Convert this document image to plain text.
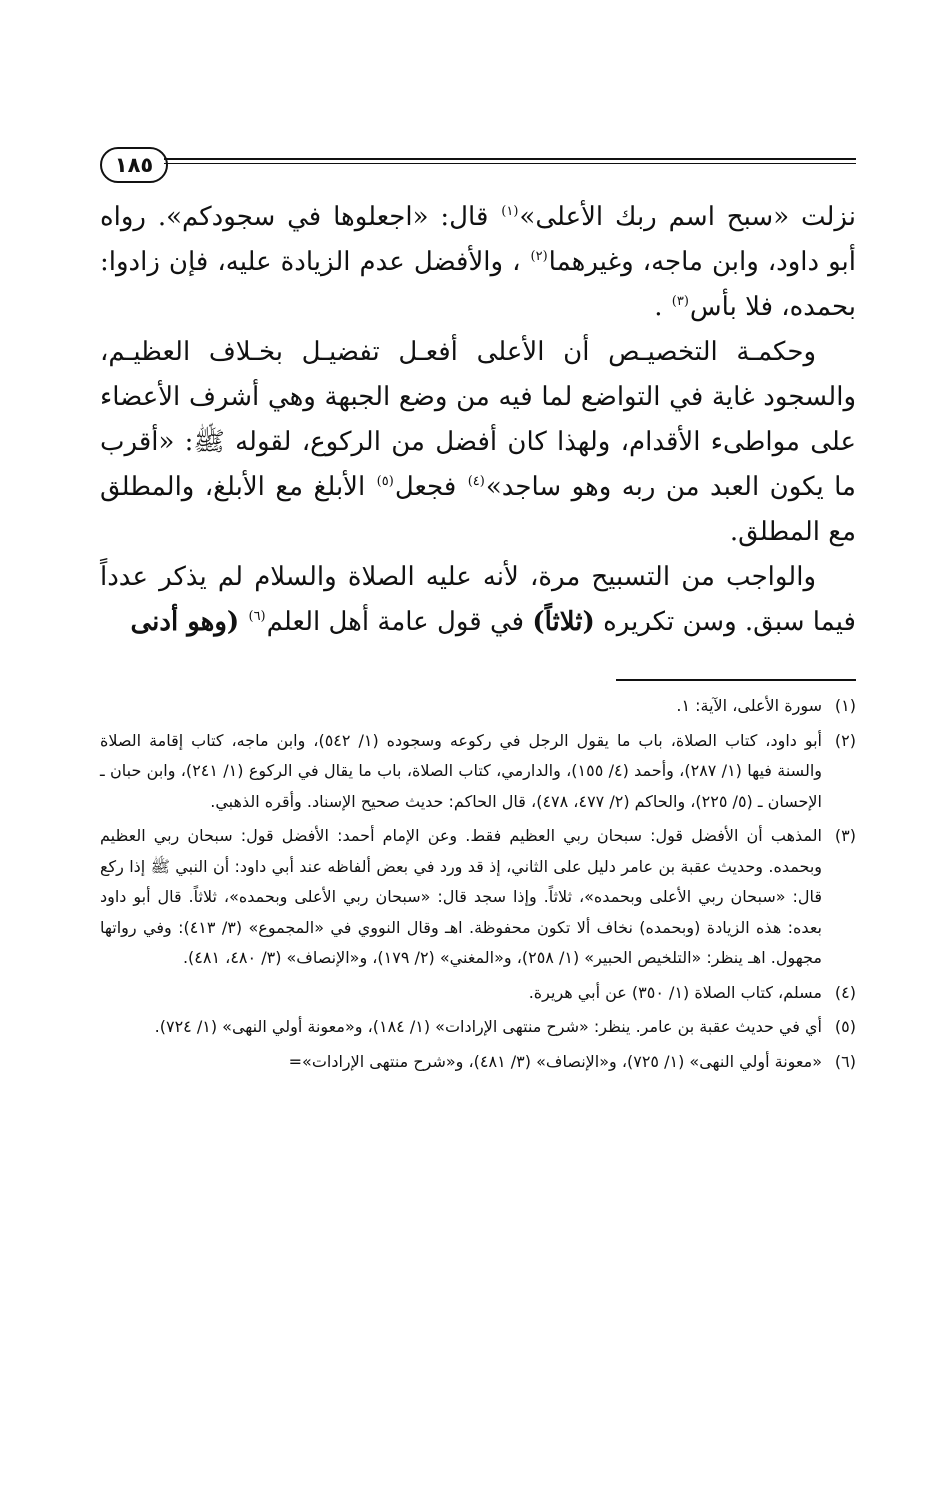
١٨٥

نزلت «سبح اسم ربك الأعلى»$^{(١)}$ قال: «اجعلوها في سجودكم». رواه أبو داود، وابن ماجه، وغيرهما$^{(٢)}$ ، والأفضل عدم الزيادة عليه، فإن زادوا: بحمده، فلا بأس$^{(٣)}$ .

وحكمـة التخصيـص أن الأعلى أفعـل تفضيـل بخـلاف العظيـم، والسجود غاية في التواضع لما فيه من وضع الجبهة وهي أشرف الأعضاء على مواطىء الأقدام، ولهذا كان أفضل من الركوع، لقوله ﷺ: «أقرب ما يكون العبد من ربه وهو ساجد»$^{(٤)}$ فجعل$^{(٥)}$ الأبلغ مع الأبلغ، والمطلق مع المطلق.

والواجب من التسبيح مرة، لأنه عليه الصلاة والسلام لم يذكر عدداً فيما سبق. وسن تكريره (ثلاثاً) في قول عامة أهل العلم$^{(٦)}$ (وهو أدنى

(١)
سورة الأعلى، الآية: ١.
(٢)
أبو داود، كتاب الصلاة، باب ما يقول الرجل في ركوعه وسجوده (١/ ٥٤٢)، وابن ماجه، كتاب إقامة الصلاة والسنة فيها (١/ ٢٨٧)، وأحمد (٤/ ١٥٥)، والدارمي، كتاب الصلاة، باب ما يقال في الركوع (١/ ٢٤١)، وابن حبان ـ الإحسان ـ (٥/ ٢٢٥)، والحاكم (٢/ ٤٧٧، ٤٧٨)، قال الحاكم: حديث صحيح الإسناد. وأقره الذهبي.
(٣)
المذهب أن الأفضل قول: سبحان ربي العظيم فقط. وعن الإمام أحمد: الأفضل قول: سبحان ربي العظيم وبحمده. وحديث عقبة بن عامر دليل على الثاني، إذ قد ورد في بعض ألفاظه عند أبي داود: أن النبي ﷺ إذا ركع قال: «سبحان ربي الأعلى وبحمده»، ثلاثاً. وإذا سجد قال: «سبحان ربي الأعلى وبحمده»، ثلاثاً. قال أبو داود بعده: هذه الزيادة (وبحمده) نخاف ألا تكون محفوظة. اهـ وقال النووي في «المجموع» (٣/ ٤١٣): وفي رواتها مجهول. اهـ ينظر: «التلخيص الحبير» (١/ ٢٥٨)، و«المغني» (٢/ ١٧٩)، و«الإنصاف» (٣/ ٤٨٠، ٤٨١).
(٤)
مسلم، كتاب الصلاة (١/ ٣٥٠) عن أبي هريرة.
(٥)
أي في حديث عقبة بن عامر. ينظر: «شرح منتهى الإرادات» (١/ ١٨٤)، و«معونة أولي النهى» (١/ ٧٢٤).
(٦)
«معونة أولي النهى» (١/ ٧٢٥)، و«الإنصاف» (٣/ ٤٨١)، و«شرح منتهى الإرادات»=
